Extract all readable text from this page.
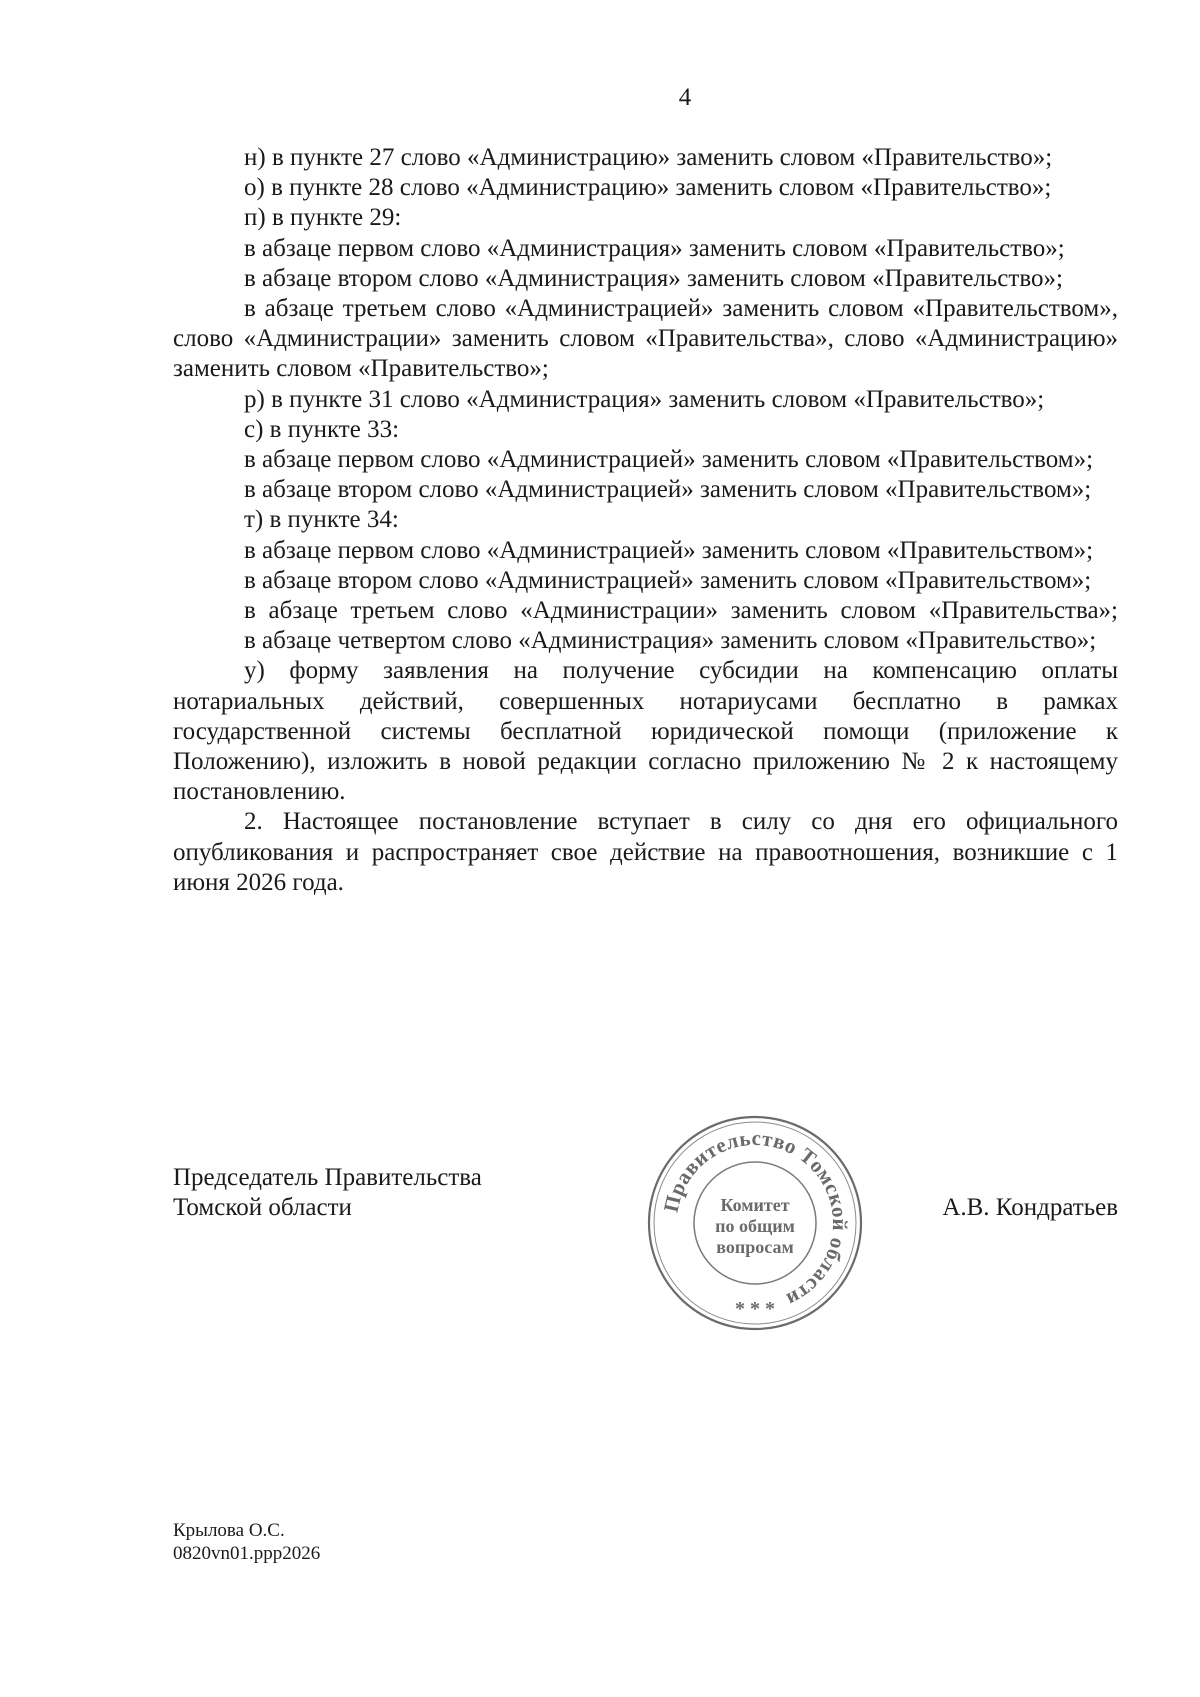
4

н) в пункте 27 слово «Администрацию» заменить словом «Правительство»;

о) в пункте 28 слово «Администрацию» заменить словом «Правительство»;

п) в пункте 29:

в абзаце первом слово «Администрация» заменить словом «Правительство»;

в абзаце втором слово «Администрация» заменить словом «Правительство»;

в абзаце третьем слово «Администрацией» заменить словом «Правительством», слово «Администрации» заменить словом «Правительства», слово «Администрацию» заменить словом «Правительство»;

р) в пункте 31 слово «Администрация» заменить словом «Правительство»;

с) в пункте 33:

в абзаце первом слово «Администрацией» заменить словом «Правительством»;

в абзаце втором слово «Администрацией» заменить словом «Правительством»;

т) в пункте 34:

в абзаце первом слово «Администрацией» заменить словом «Правительством»;

в абзаце втором слово «Администрацией» заменить словом «Правительством»;

в абзаце третьем слово «Администрации» заменить словом «Правительства»;

в абзаце четвертом слово «Администрация» заменить словом «Правительство»;

у) форму заявления на получение субсидии на компенсацию оплаты нотариальных действий, совершенных нотариусами бесплатно в рамках государственной системы бесплатной юридической помощи (приложение к Положению), изложить в новой редакции согласно приложению № 2 к настоящему постановлению.

2. Настоящее постановление вступает в силу со дня его официального опубликования и распространяет свое действие на правоотношения, возникшие с 1 июня 2026 года.

Председатель Правительства
Томской области	Правительство Томской области
Комитет
по общим
вопросам
* * *
А.В. Кондратьев
Крылова О.С.
0820vn01.ppp2026
